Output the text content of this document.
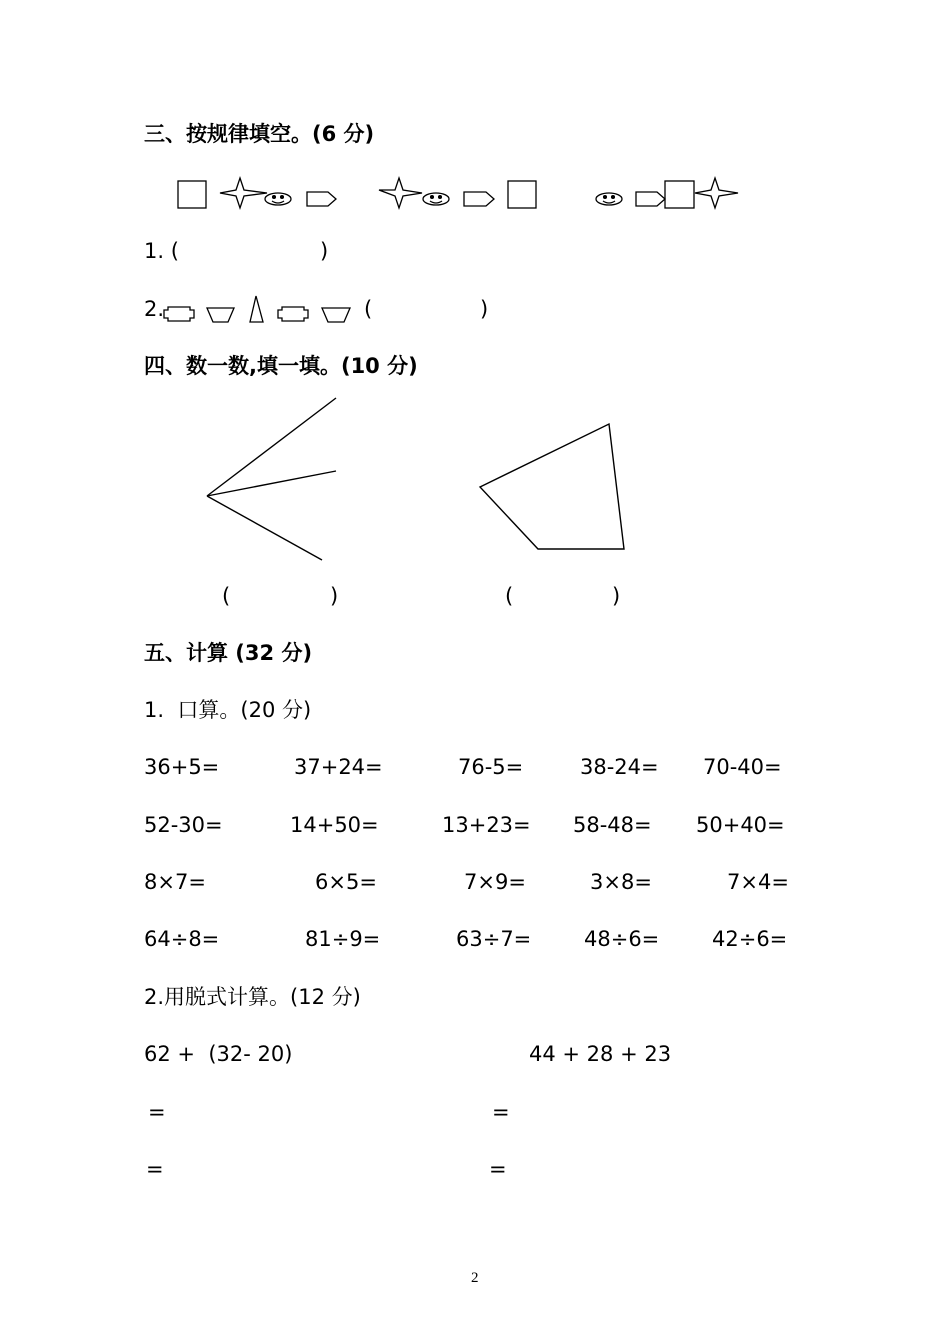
三、按规律填空。(6 分)
1. (	)
2.	(	)
四、数一数,填一填。(10 分)
(	)	(	)
五、计算 (32 分)
1.  口算。(20 分)
36+5=	37+24=	76-5=	38-24= 70-40=
52-30=	14+50=	13+23= 58-48= 50+40=
8×7=	6×5=	7×9=	3×8=	7×4=
64÷8=	81÷9=	63÷7=	48÷6=	42÷6=
2.用脱式计算。(12 分)
62 +  (32- 20)	44 + 28 + 23
=	=
=	=
2
